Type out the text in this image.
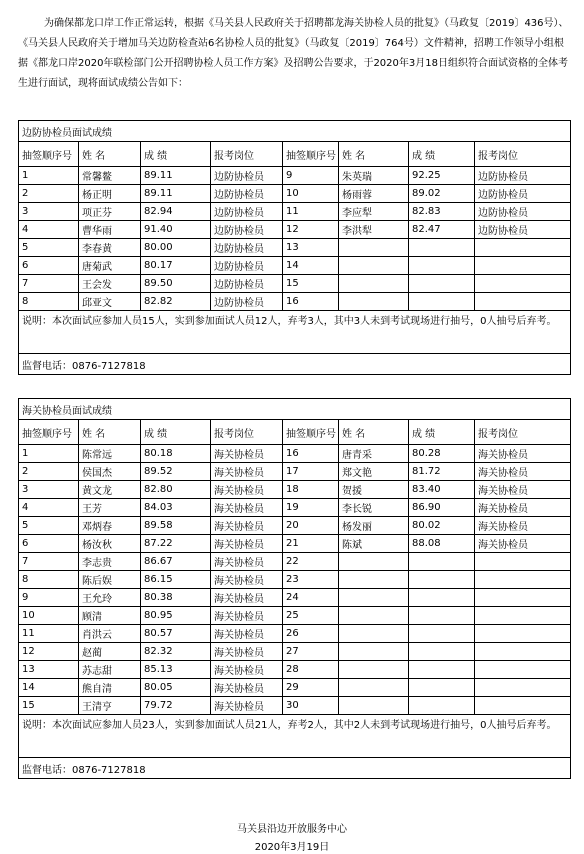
为确保都龙口岸工作正常运转，根据《马关县人民政府关于招聘都龙海关协检人员的批复》（马政复〔2019〕436号）、《马关县人民政府关于增加马关边防检查站6名协检人员的批复》（马政复〔2019〕764号）文件精神，招聘工作领导小组根据《都龙口岸2020年联检部门公开招聘协检人员工作方案》及招聘公告要求，于2020年3月18日组织符合面试资格的全体考生进行面试，现将面试成绩公告如下：
边防协检员面试成绩							
抽签顺序号	姓 名	成 绩	报考岗位	抽签顺序号	姓 名	成 绩	报考岗位
1	常馨鳌	89.11	边防协检员	9	朱英瑞	92.25	边防协检员
2	杨正明	89.11	边防协检员	10	杨雨蓉	89.02	边防协检员
3	项正芬	82.94	边防协检员	11	李应犁	82.83	边防协检员
4	曹华雨	91.40	边防协检员	12	李洪犁	82.47	边防协检员
5	李春黄	80.00	边防协检员	13			
6	唐菊武	80.17	边防协检员	14			
7	王会发	89.50	边防协检员	15			
8	邱亚文	82.82	边防协检员	16			
说明：本次面试应参加人员15人，实到参加面试人员12人，弃考3人，其中3人未到考试现场进行抽号，0人抽号后弃考。							
监督电话：0876-7127818							
海关协检员面试成绩							
抽签顺序号	姓 名	成 绩	报考岗位	抽签顺序号	姓 名	成 绩	报考岗位
1	陈常远	80.18	海关协检员	16	唐青采	80.28	海关协检员
2	侯国杰	89.52	海关协检员	17	郑文艳	81.72	海关协检员
3	黄文龙	82.80	海关协检员	18	贺援	83.40	海关协检员
4	王芳	84.03	海关协检员	19	李长锐	86.90	海关协检员
5	邓炳春	89.58	海关协检员	20	杨发丽	80.02	海关协检员
6	杨汝秋	87.22	海关协检员	21	陈斌	88.08	海关协检员
7	李志贵	86.67	海关协检员	22			
8	陈后娱	86.15	海关协检员	23			
9	王允玲	80.38	海关协检员	24			
10	顾清	80.95	海关协检员	25			
11	肖洪云	80.57	海关协检员	26			
12	赵蔺	82.32	海关协检员	27			
13	苏志甜	85.13	海关协检员	28			
14	熊自清	80.05	海关协检员	29			
15	王清亨	79.72	海关协检员	30			
说明：本次面试应参加人员23人，实到参加面试人员21人，弃考2人，其中2人未到考试现场进行抽号，0人抽号后弃考。							
监督电话：0876-7127818							
马关县沿边开放服务中心
2020年3月19日
